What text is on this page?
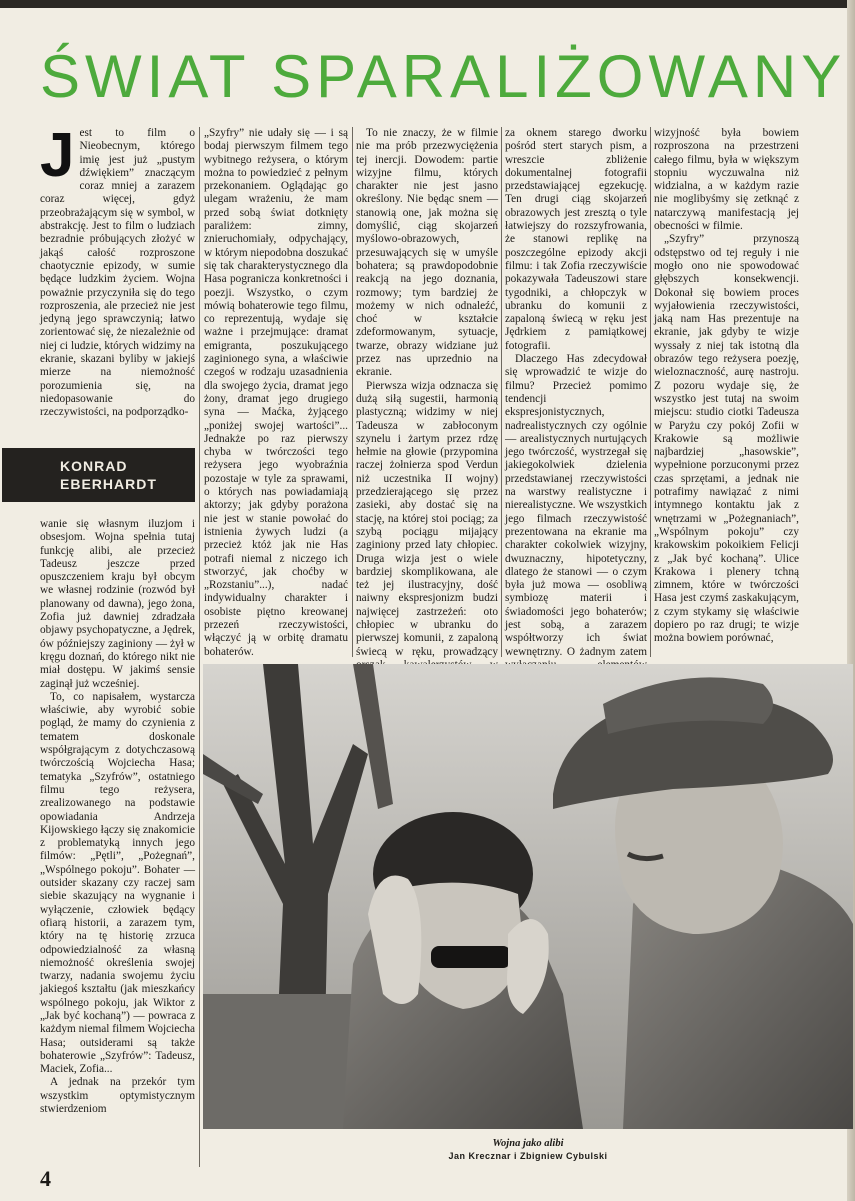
ŚWIAT SPARALIŻOWANY

Jest to film o Nieobecnym, którego imię jest już „pustym dźwiękiem” znaczącym coraz mniej a zarazem coraz więcej, gdyż przeobrażającym się w symbol, w abstrakcję. Jest to film o ludziach bezradnie próbujących złożyć w jakąś całość rozproszone chaotycznie epizody, w sumie będące ludzkim życiem. Wojna poważnie przyczyniła się do tego rozproszenia, ale przecież nie jest jedyną jego sprawczynią; łatwo zorientować się, że niezależnie od niej ci ludzie, których widzimy na ekranie, skazani byliby w jakiejś mierze na niemożność porozumienia się, na niedopasowanie do rzeczywistości, na podporządko-

KONRAD
EBERHARDT

wanie się własnym iluzjom i obsesjom. Wojna spełnia tutaj funkcję alibi, ale przecież Tadeusz jeszcze przed opuszczeniem kraju był obcym we własnej rodzinie (rozwód był planowany od dawna), jego żona, Zofia już dawniej zdradzała objawy psychopatyczne, a Jędrek, ów późniejszy zaginiony — żył w kręgu doznań, do którego nikt nie miał dostępu. W jakimś sensie zaginął już wcześniej.

To, co napisałem, wystarcza właściwie, aby wyrobić sobie pogląd, że mamy do czynienia z tematem doskonale współgrającym z dotychczasową twórczością Wojciecha Hasa; tematyka „Szyfrów”, ostatniego filmu tego reżysera, zrealizowanego na podstawie opowiadania Andrzeja Kijowskiego łączy się znakomicie z problematyką innych jego filmów: „Pętli”, „Pożegnań”, „Wspólnego pokoju”. Bohater — outsider skazany czy raczej sam siebie skazujący na wygnanie i wyłączenie, człowiek będący ofiarą historii, a zarazem tym, który na tę historię zrzuca odpowiedzialność za własną niemożność określenia swojej twarzy, nadania swojemu życiu jakiegoś kształtu (jak mieszkańcy wspólnego pokoju, jak Wiktor z „Jak być kochaną”) — powraca z każdym niemal filmem Wojciecha Hasa; outsiderami są także bohaterowie „Szyfrów”: Tadeusz, Maciek, Zofia...

A jednak na przekór tym wszystkim optymistycznym stwierdzeniom

„Szyfry” nie udały się — i są bodaj pierwszym filmem tego wybitnego reżysera, o którym można to powiedzieć z pełnym przekonaniem. Oglądając go ulegam wrażeniu, że mam przed sobą świat dotknięty paraliżem: zimny, znieruchomiały, odpychający, w którym niepodobna doszukać się tak charakterystycznego dla Hasa pogranicza konkretności i poezji. Wszystko, o czym mówią bohaterowie tego filmu, co reprezentują, wydaje się ważne i przejmujące: dramat emigranta, poszukującego zaginionego syna, a właściwie czegoś w rodzaju uzasadnienia dla swojego życia, dramat jego żony, dramat jego drugiego syna — Maćka, żyjącego „poniżej swojej wartości”... Jednakże po raz pierwszy chyba w twórczości tego reżysera jego wyobraźnia pozostaje w tyle za sprawami, o których nas powiadamiają aktorzy; jak gdyby porażona nie jest w stanie powołać do istnienia żywych ludzi (a przecież któż jak nie Has potrafi niemal z niczego ich stworzyć, jak choćby w „Rozstaniu”...), nadać indywidualny charakter i osobiste piętno kreowanej przezeń rzeczywistości, włączyć ją w orbitę dramatu bohaterów.

To nie znaczy, że w filmie nie ma prób przezwyciężenia tej inercji. Dowodem: partie wizyjne filmu, których charakter nie jest jasno określony. Nie będąc snem — stanowią one, jak można się domyślić, ciąg skojarzeń myślowo-obrazowych, przesuwających się w umyśle bohatera; są prawdopodobnie reakcją na jego doznania, rozmowy; tym bardziej że możemy w nich odnaleźć, choć w kształcie zdeformowanym, sytuacje, twarze, obrazy widziane już przez nas uprzednio na ekranie.

Pierwsza wizja odznacza się dużą siłą sugestii, harmonią plastyczną; widzimy w niej Tadeusza w zabłoconym szynelu i żartym przez rdzę hełmie na głowie (przypomina raczej żołnierza spod Verdun niż uczestnika II wojny) przedzierającego się przez zasieki, aby dostać się na stację, na której stoi pociąg; za szybą pociągu mijający zaginiony przed laty chłopiec. Druga wizja jest o wiele bardziej skomplikowana, ale też jej ilustracyjny, dość naiwny ekspresjonizm budzi najwięcej zastrzeżeń: oto chłopiec w ubranku do pierwszej komunii, z zapaloną świecą w ręku, prowadzący

za oknem starego dworku pośród stert starych pism, a wreszcie zbliżenie dokumentalnej fotografii przedstawiającej egzekucję. Ten drugi ciąg skojarzeń obrazowych jest zresztą o tyle łatwiejszy do rozszyfrowania, że stanowi replikę na poszczególne epizody akcji filmu: i tak Zofia rzeczywiście pokazywała Tadeuszowi stare tygodniki, a chłopczyk w ubranku do komunii z zapaloną świecą w ręku jest Jędrkiem z pamiątkowej fotografii.

Dlaczego Has zdecydował się wprowadzić te wizje do filmu? Przecież pomimo tendencji ekspresjonistycznych, nadrealistycznych czy ogólnie — arealistycznych nurtujących jego twórczość, wystrzegał się jakiegokolwiek dzielenia przedstawianej rzeczywistości na warstwy realistyczne i nierealistyczne. We wszystkich jego filmach rzeczywistość prezentowana na ekranie ma charakter cokolwiek wizyjny, dwuznaczny, hipotetyczny, dlatego że stanowi — o czym była już mowa — osobliwą symbiozę materii i świadomości jego bohaterów; jest sobą, a zarazem współtworzy ich świat wewnętrzny. O żadnym zatem

wizyjność była bowiem rozproszona na przestrzeni całego filmu, była w większym stopniu wyczuwalna niż widzialna, a w każdym razie nie moglibyśmy się zetknąć z natarczywą manifestacją jej obecności w filmie.

„Szyfry” przynoszą odstępstwo od tej reguły i nie mogło ono nie spowodować głębszych konsekwencji. Dokonał się bowiem proces wyjałowienia rzeczywistości, jaką nam Has prezentuje na ekranie, jak gdyby te wizje wyssały z niej tak istotną dla obrazów tego reżysera poezję, wieloznaczność, aurę nastroju. Z pozoru wydaje się, że wszystko jest tutaj na swoim miejscu: studio ciotki Tadeusza w Paryżu czy pokój Zofii w Krakowie są możliwie najbardziej „hasowskie”, wypełnione porzuconymi przez czas sprzętami, a jednak nie potrafimy nawiązać z nimi intymnego kontaktu jak z wnętrzami w „Pożegnaniach”, „Wspólnym pokoju” czy krakowskim pokoikiem Felicji z „Jak być kochaną”. Ulice Krakowa i plenery tchną zimnem, które w twórczości Hasa jest czymś zaskakującym, z czym stykamy się właściwie dopiero po raz drugi; te wizje można bowiem porównać,

Wojna jako alibi
Jan Krecznar i Zbigniew Cybulski
4
